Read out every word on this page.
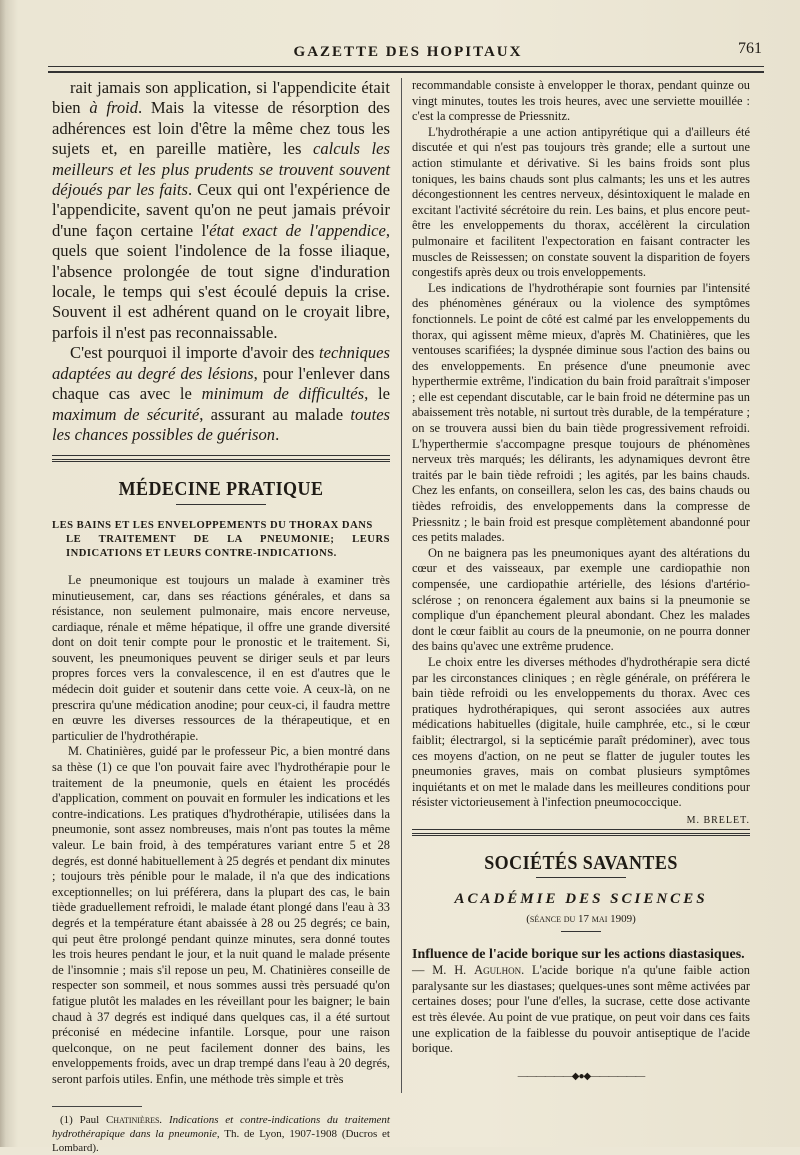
GAZETTE DES HOPITAUX	761

rait jamais son application, si l'appendicite était bien à froid. Mais la vitesse de résorption des adhérences est loin d'être la même chez tous les sujets et, en pareille matière, les calculs les meilleurs et les plus prudents se trouvent souvent déjoués par les faits. Ceux qui ont l'expérience de l'appendicite, savent qu'on ne peut jamais prévoir d'une façon certaine l'état exact de l'appendice, quels que soient l'indolence de la fosse iliaque, l'absence prolongée de tout signe d'induration locale, le temps qui s'est écoulé depuis la crise. Souvent il est adhérent quand on le croyait libre, parfois il n'est pas reconnaissable.

C'est pourquoi il importe d'avoir des techniques adaptées au degré des lésions, pour l'enlever dans chaque cas avec le minimum de difficultés, le maximum de sécurité, assurant au malade toutes les chances possibles de guérison.

MÉDECINE PRATIQUE
LES BAINS ET LES ENVELOPPEMENTS DU THORAX DANS
LE TRAITEMENT DE LA PNEUMONIE; LEURS INDICATIONS ET LEURS CONTRE-INDICATIONS.

Le pneumonique est toujours un malade à examiner très minutieusement, car, dans ses réactions générales, et dans sa résistance, non seulement pulmonaire, mais encore nerveuse, cardiaque, rénale et même hépatique, il offre une grande diversité dont on doit tenir compte pour le pronostic et le traitement. Si, souvent, les pneumoniques peuvent se diriger seuls et par leurs propres forces vers la convalescence, il en est d'autres que le médecin doit guider et soutenir dans cette voie. A ceux-là, on ne prescrira qu'une médication anodine; pour ceux-ci, il faudra mettre en œuvre les diverses ressources de la thérapeutique, et en particulier de l'hydrothérapie.

M. Chatinières, guidé par le professeur Pic, a bien montré dans sa thèse (1) ce que l'on pouvait faire avec l'hydrothérapie pour le traitement de la pneumonie, quels en étaient les procédés d'application, comment on pouvait en formuler les indications et les contre-indications. Les pratiques d'hydrothérapie, utilisées dans la pneumonie, sont assez nombreuses, mais n'ont pas toutes la même valeur. Le bain froid, à des températures variant entre 5 et 28 degrés, est donné habituellement à 25 degrés et pendant dix minutes ; toujours très pénible pour le malade, il n'a que des indications exceptionnelles; on lui préférera, dans la plupart des cas, le bain tiède graduellement refroidi, le malade étant plongé dans l'eau à 33 degrés et la température étant abaissée à 28 ou 25 degrés; ce bain, qui peut être prolongé pendant quinze minutes, sera donné toutes les trois heures pendant le jour, et la nuit quand le malade présente de l'insomnie ; mais s'il repose un peu, M. Chatinières conseille de respecter son sommeil, et nous sommes aussi très persuadé qu'on fatigue plutôt les malades en les réveillant pour les baigner; le bain chaud à 37 degrés est indiqué dans quelques cas, il a été surtout préconisé en médecine infantile. Lorsque, pour une raison quelconque, on ne peut facilement donner des bains, les enveloppements froids, avec un drap trempé dans l'eau à 20 degrés, seront parfois utiles. Enfin, une méthode très simple et très

(1) Paul Chatinières. Indications et contre-indications du traitement hydrothérapique dans la pneumonie, Th. de Lyon, 1907-1908 (Ducros et Lombard).

recommandable consiste à envelopper le thorax, pendant quinze ou vingt minutes, toutes les trois heures, avec une serviette mouillée : c'est la compresse de Priessnitz.

L'hydrothérapie a une action antipyrétique qui a d'ailleurs été discutée et qui n'est pas toujours très grande; elle a surtout une action stimulante et dérivative. Si les bains froids sont plus toniques, les bains chauds sont plus calmants; les uns et les autres décongestionnent les centres nerveux, désintoxiquent le malade en excitant l'activité sécrétoire du rein. Les bains, et plus encore peut-être les enveloppements du thorax, accélèrent la circulation pulmonaire et facilitent l'expectoration en faisant contracter les muscles de Reissessen; on constate souvent la disparition de foyers congestifs après deux ou trois enveloppements.

Les indications de l'hydrothérapie sont fournies par l'intensité des phénomènes généraux ou la violence des symptômes fonctionnels. Le point de côté est calmé par les enveloppements du thorax, qui agissent même mieux, d'après M. Chatinières, que les ventouses scarifiées; la dyspnée diminue sous l'action des bains ou des enveloppements. En présence d'une pneumonie avec hyperthermie extrême, l'indication du bain froid paraîtrait s'imposer ; elle est cependant discutable, car le bain froid ne détermine pas un abaissement très notable, ni surtout très durable, de la température ; on se trouvera aussi bien du bain tiède progressivement refroidi. L'hyperthermie s'accompagne presque toujours de phénomènes nerveux très marqués; les délirants, les adynamiques devront être traités par le bain tiède refroidi ; les agités, par les bains chauds. Chez les enfants, on conseillera, selon les cas, des bains chauds ou tièdes refroidis, des enveloppements dans la compresse de Priessnitz ; le bain froid est presque complètement abandonné pour ces petits malades.

On ne baignera pas les pneumoniques ayant des altérations du cœur et des vaisseaux, par exemple une cardiopathie non compensée, une cardiopathie artérielle, des lésions d'artério-sclérose ; on renoncera également aux bains si la pneumonie se complique d'un épanchement pleural abondant. Chez les malades dont le cœur faiblit au cours de la pneumonie, on ne pourra donner des bains qu'avec une extrême prudence.

Le choix entre les diverses méthodes d'hydrothérapie sera dicté par les circonstances cliniques ; en règle générale, on préférera le bain tiède refroidi ou les enveloppements du thorax. Avec ces pratiques hydrothérapiques, qui seront associées aux autres médications habituelles (digitale, huile camphrée, etc., si le cœur faiblit; électrargol, si la septicémie paraît prédominer), avec tous ces moyens d'action, on ne peut se flatter de juguler toutes les pneumonies graves, mais on combat plusieurs symptômes inquiétants et on met le malade dans les meilleures conditions pour résister victorieusement à l'infection pneumococcique.
M. BRELET.

SOCIÉTÉS SAVANTES
ACADÉMIE DES SCIENCES
(séance du 17 mai 1909)
Influence de l'acide borique sur les actions diastasiques.

— M. H. Agulhon. L'acide borique n'a qu'une faible action paralysante sur les diastases; quelques-unes sont même activées par certaines doses; pour l'une d'elles, la sucrase, cette dose activante est très élevée. Au point de vue pratique, on peut voir dans ces faits une explication de la faiblesse du pouvoir antiseptique de l'acide borique.

——————◆●◆——————
